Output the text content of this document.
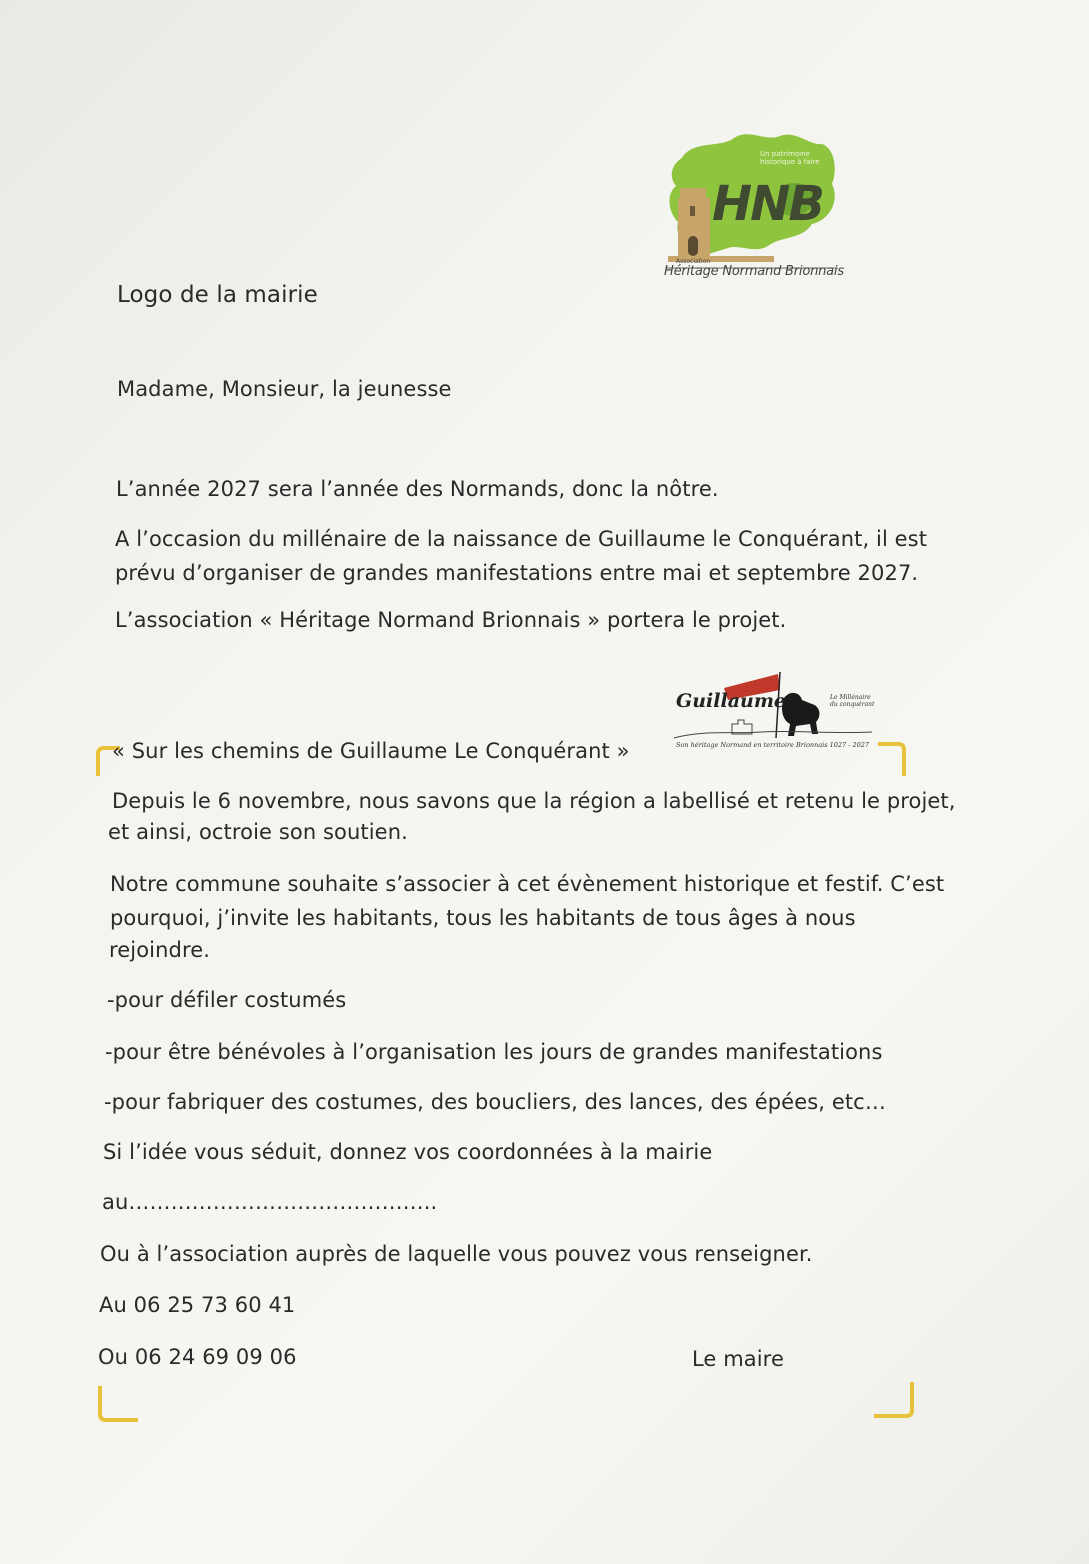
HNB
Un patrimoine historique à faire
Association
Héritage Normand Brionnais
Logo de la mairie
Madame, Monsieur, la jeunesse
L’année 2027 sera l’année des Normands, donc la nôtre.
A l’occasion du millénaire de la naissance de Guillaume le Conquérant, il est
prévu d’organiser de grandes manifestations entre mai et septembre 2027.
L’association « Héritage Normand Brionnais » portera le projet.
Guillaume	Le Millénaire du conquérant
Son héritage Normand en territoire Brionnais 1027 - 2027
« Sur les chemins de Guillaume Le Conquérant »
Depuis le 6 novembre, nous savons que la région a labellisé et retenu le projet,
et ainsi, octroie son soutien.
Notre commune souhaite s’associer à cet évènement historique et festif. C’est
pourquoi, j’invite les habitants, tous les habitants de tous âges à nous
rejoindre.
-pour défiler costumés
-pour être bénévoles à l’organisation les jours de grandes manifestations
-pour fabriquer des costumes, des boucliers, des lances, des épées, etc…
Si l’idée vous séduit, donnez vos coordonnées à la mairie
au……………………………………..
Ou à l’association auprès de laquelle vous pouvez vous renseigner.
Au 06 25 73 60 41
Ou 06 24 69 09 06	Le maire
